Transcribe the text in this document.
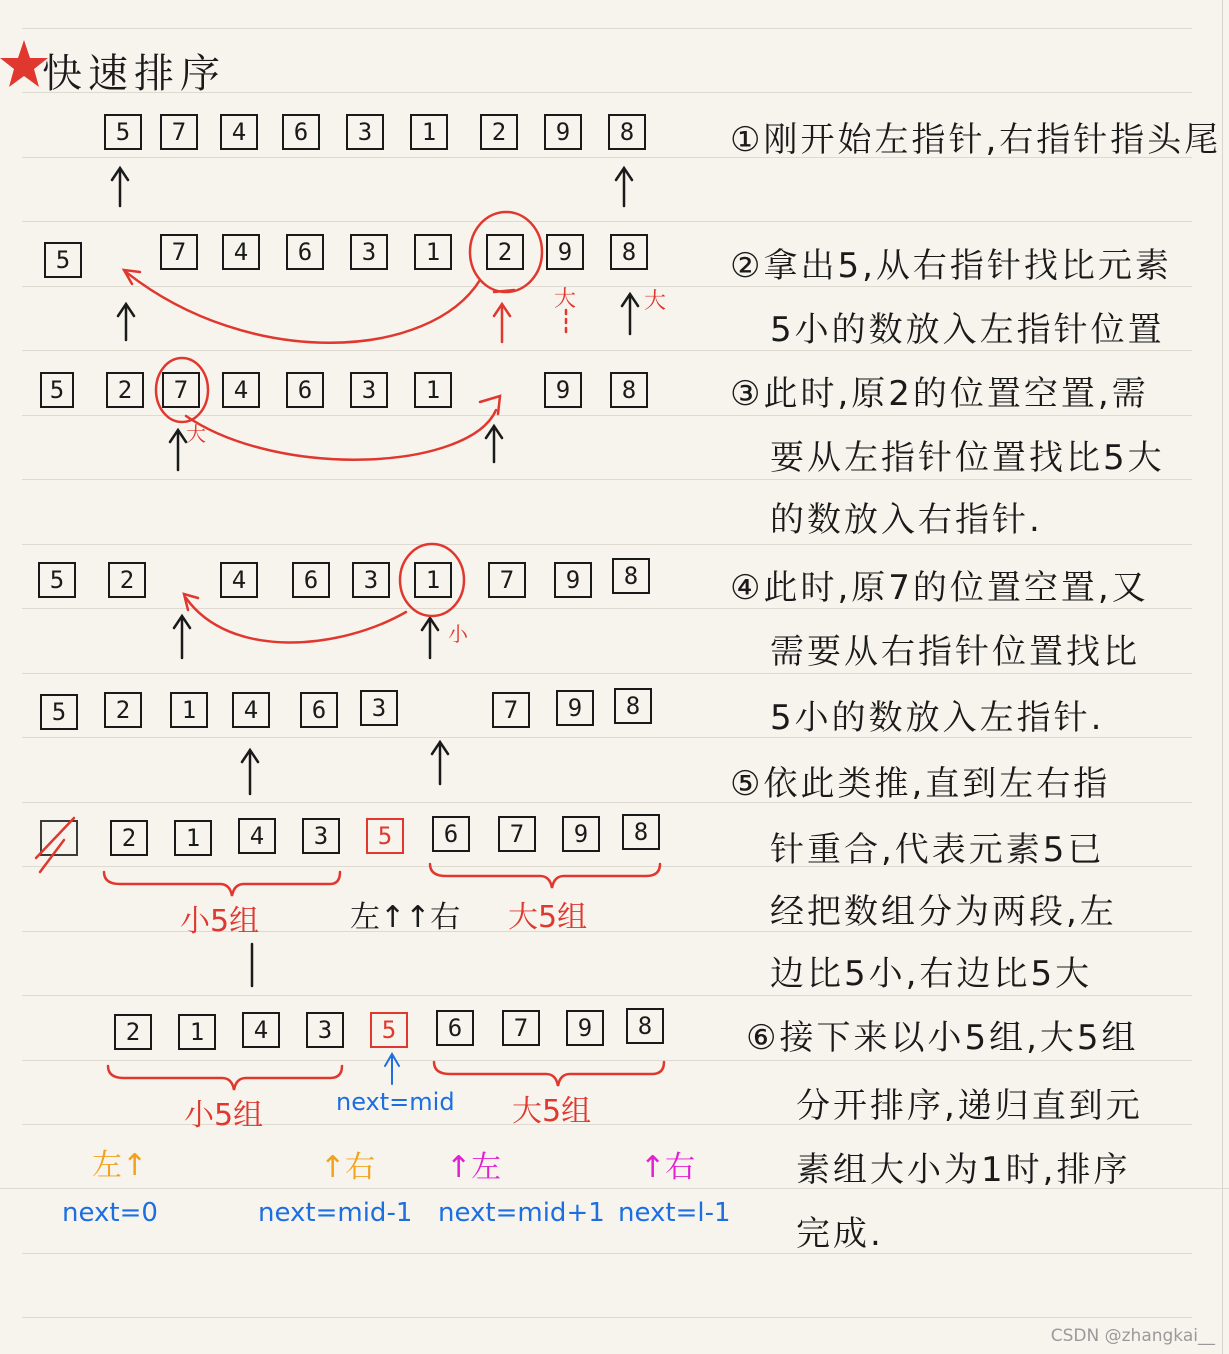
快速排序
5	7	4	6	3	1	2	9	8
5	7	4	6	3	1	2	9	8
大	大
5	2	7	4	6	3	1	9	8
大
5	2	4	6	3	1	7	9	8
小
5	2	1	4	6	3	7	9	8
2	1	4	3	5	6	7	9	8
小5组	左↑↑右 大5组
2	1	4	3	5	6	7	9	8
小5组	next=mid 大5组
左↑	↑右 ↑左	↑右
next=0	next=mid-1 next=mid+1 next=l-1
①刚开始左指针,右指针指头尾
②拿出5,从右指针找比元素
5小的数放入左指针位置
③此时,原2的位置空置,需
要从左指针位置找比5大
的数放入右指针.
④此时,原7的位置空置,又
需要从右指针位置找比
5小的数放入左指针.
⑤依此类推,直到左右指
针重合,代表元素5已
经把数组分为两段,左
边比5小,右边比5大
⑥接下来以小5组,大5组
分开排序,递归直到元
素组大小为1时,排序
完成.
CSDN @zhangkai__
